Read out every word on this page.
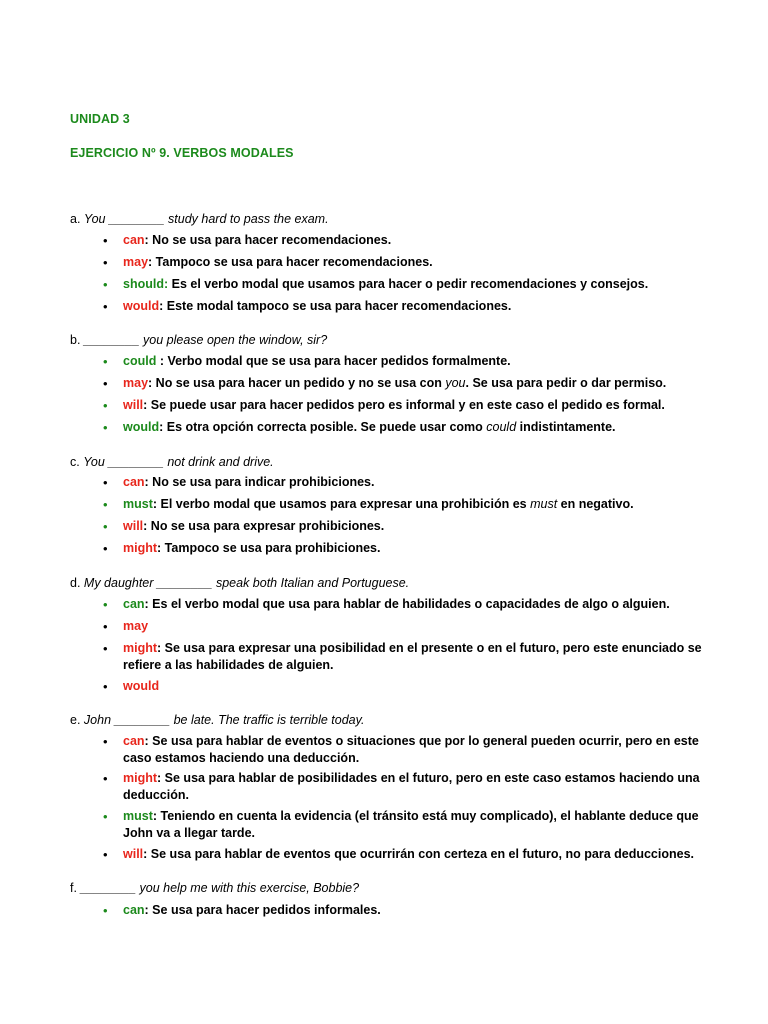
UNIDAD 3
EJERCICIO Nº 9. VERBOS MODALES
a. You ________ study hard to pass the exam.
• can: No se usa para hacer recomendaciones.
• may: Tampoco se usa para hacer recomendaciones.
• should: Es el verbo modal que usamos para hacer o pedir recomendaciones y consejos.
• would: Este modal tampoco se usa para hacer recomendaciones.
b. ________ you please open the window, sir?
• could : Verbo modal que se usa para hacer pedidos formalmente.
• may: No se usa para hacer un pedido y no se usa con you. Se usa para pedir o dar permiso.
• will: Se puede usar para hacer pedidos pero es informal y en este caso el pedido es formal.
• would: Es otra opción correcta posible. Se puede usar como could indistintamente.
c. You ________ not drink and drive.
• can: No se usa para indicar prohibiciones.
• must: El verbo modal que usamos para expresar una prohibición es must en negativo.
• will: No se usa para expresar prohibiciones.
• might: Tampoco se usa para prohibiciones.
d. My daughter ________ speak both Italian and Portuguese.
• can: Es el verbo modal que usa para hablar de habilidades o capacidades de algo o alguien.
• may
• might: Se usa para expresar una posibilidad en el presente o en el futuro, pero este enunciado se refiere a las habilidades de alguien.
• would
e. John ________ be late. The traffic is terrible today.
• can: Se usa para hablar de eventos o situaciones que por lo general pueden ocurrir, pero en este caso estamos haciendo una deducción.
• might: Se usa para hablar de posibilidades en el futuro, pero en este caso estamos haciendo una deducción.
• must: Teniendo en cuenta la evidencia (el tránsito está muy complicado), el hablante deduce que John va a llegar tarde.
• will: Se usa para hablar de eventos que ocurrirán con certeza en el futuro, no para deducciones.
f. ________ you help me with this exercise, Bobbie?
• can: Se usa para hacer pedidos informales.
